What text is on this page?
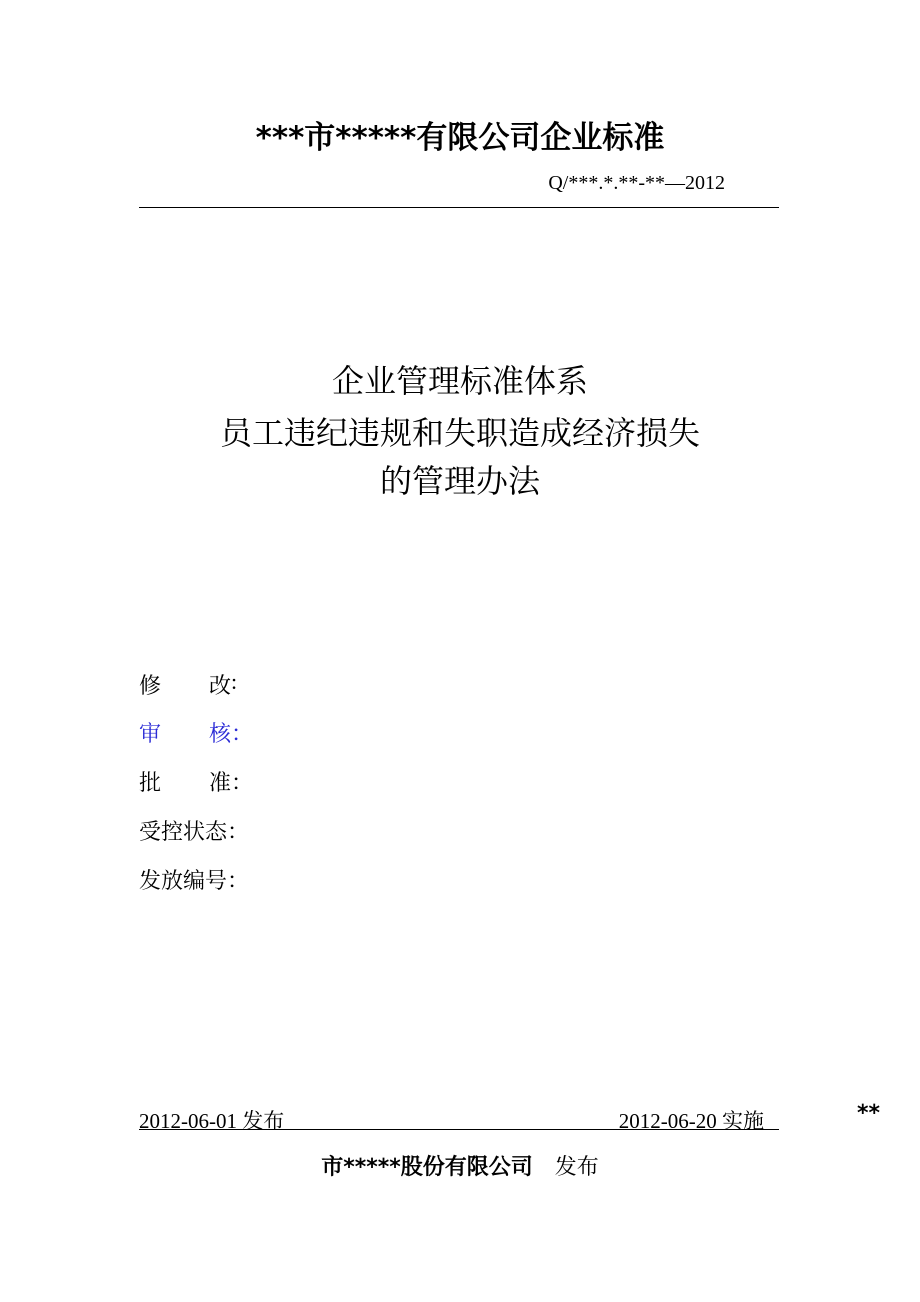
***市*****有限公司企业标准
Q/***.*.**-**—2012
企业管理标准体系
员工违纪违规和失职造成经济损失
的管理办法
修 改 :
审 核 ：
批 准 ：
受控状态：
发放编号：
2012-06-01 发布	2012-06-20 实施	**
市*****股份有限公司 发布
